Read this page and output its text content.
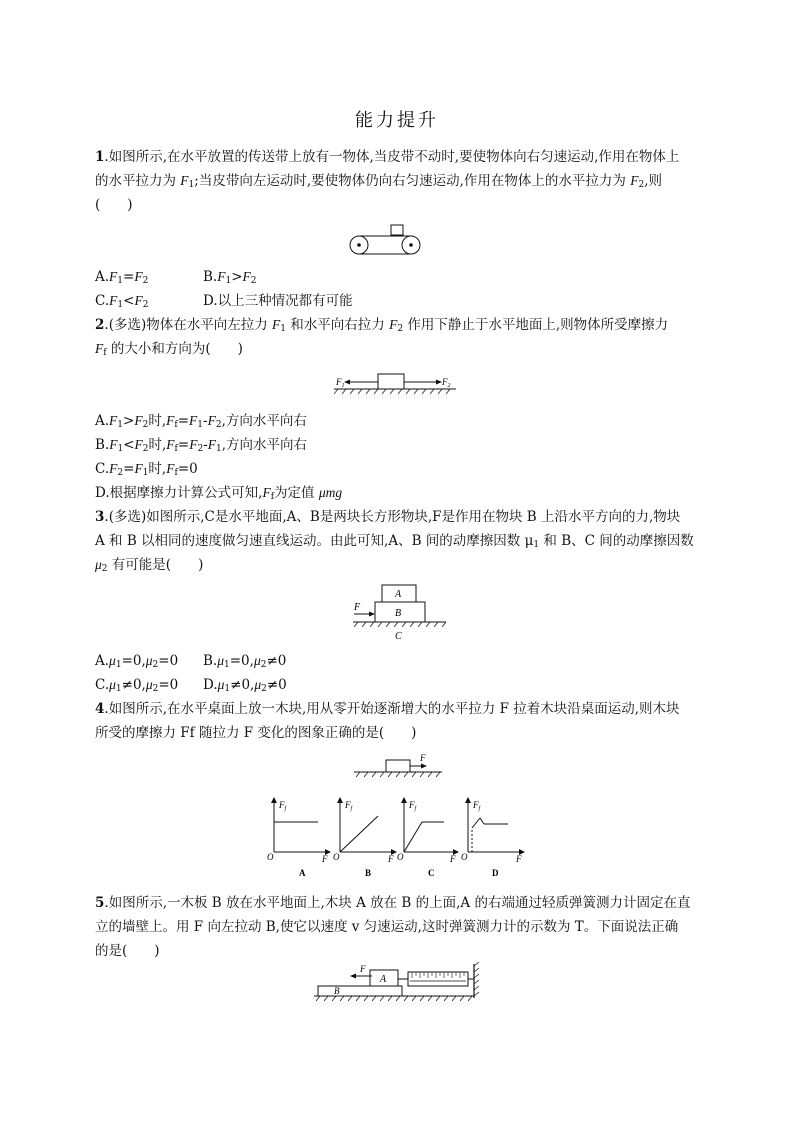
能力提升
1.如图所示,在水平放置的传送带上放有一物体,当皮带不动时,要使物体向右匀速运动,作用在物体上
的水平拉力为 $F_1$;当皮带向左运动时,要使物体仍向右匀速运动,作用在物体上的水平拉力为 $F_2$,则
(　　)
$A.F_1=F_2$	$B.F_1>F_2$
$C.F_1<F_2$	D.以上三种情况都有可能
2.(多选)物体在水平向左拉力 $F_1$ 和水平向右拉力 $F_2$ 作用下静止于水平地面上,则物体所受摩擦力
$F_f$ 的大小和方向为(　　)
$F_1$	$F_2$
$A.F_1>F_2$时$,F_f=F_1-F_2$,方向水平向右
$B.F_1<F_2$时$,F_f=F_2-F_1$,方向水平向右
$C.F_2=F_1$时$,F_f=0$
D.根据摩擦力计算公式可知$,F_f$为定值 μmg
3.(多选)如图所示,C是水平地面,A、B是两块长方形物块,F是作用在物块 B 上沿水平方向的力,物块
A 和 B 以相同的速度做匀速直线运动。由此可知,A、B 间的动摩擦因数 $\mu_1$ 和 B、C 间的动摩擦因数
$\mu_2$ 有可能是(　　)
A
B
F
C
$A.\mu_1=0,\mu_2=0$ $B.\mu_1=0,\mu_2\ne 0$
$C.\mu_1\ne 0,\mu_2=0$ $D.\mu_1\ne 0,\mu_2\ne 0$
4.如图所示,在水平桌面上放一木块,用从零开始逐渐增大的水平拉力 F 拉着木块沿桌面运动,则木块
所受的摩擦力 Ff 随拉力 F 变化的图象正确的是(　　)
F
$F_f$
O	F
A
$F_f$
O	F
B
$F_f$
O	F
C
$F_f$
O	F
D
5.如图所示,一木板 B 放在水平地面上,木块 A 放在 B 的上面,A 的右端通过轻质弹簧测力计固定在直
立的墙壁上。用 F 向左拉动 B,使它以速度 v 匀速运动,这时弹簧测力计的示数为 T。下面说法正确
的是(　　)
A
B
F
